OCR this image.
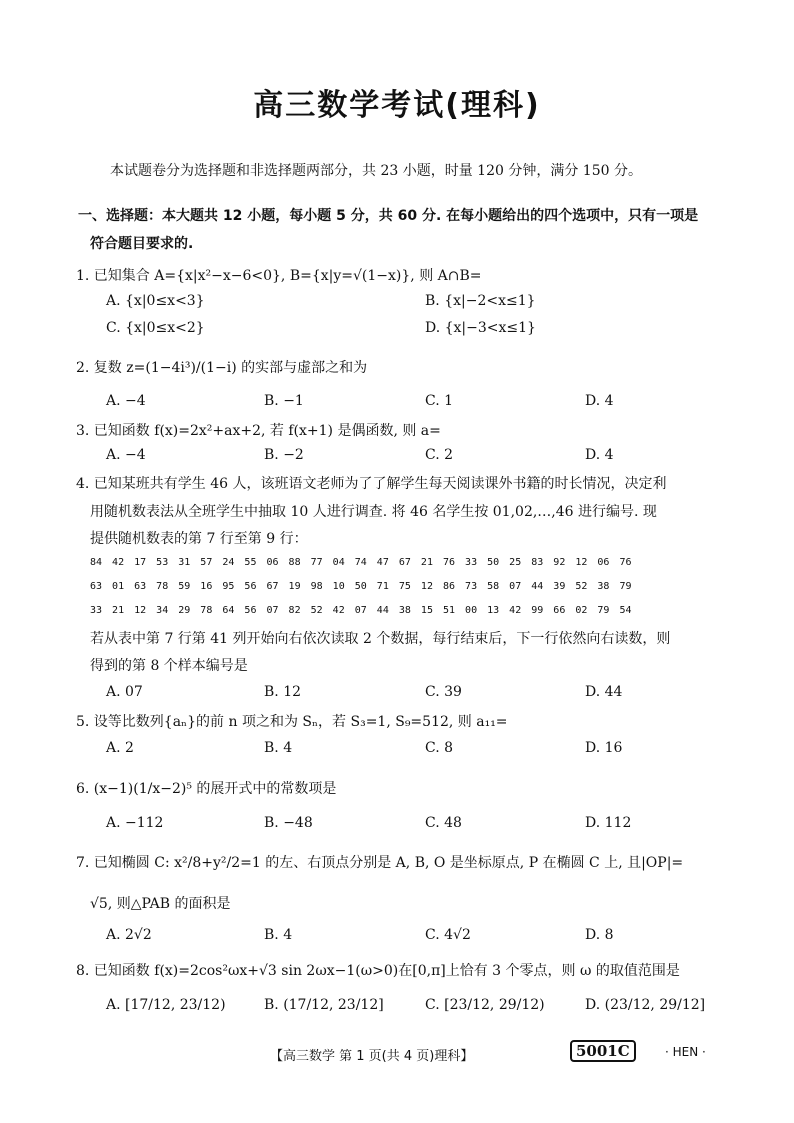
高三数学考试(理科)
本试题卷分为选择题和非选择题两部分，共 23 小题，时量 120 分钟，满分 150 分。
一、选择题：本大题共 12 小题，每小题 5 分，共 60 分. 在每小题给出的四个选项中，只有一项是
符合题目要求的.
1. 已知集合 A={x|x²−x−6<0}, B={x|y=√(1−x)}, 则 A∩B=
A. {x|0≤x<3}	B. {x|−2<x≤1}
C. {x|0≤x<2}	D. {x|−3<x≤1}
2. 复数 z=(1−4i³)/(1−i) 的实部与虚部之和为
A. −4	B. −1	C. 1	D. 4
3. 已知函数 f(x)=2x²+ax+2, 若 f(x+1) 是偶函数, 则 a=
A. −4	B. −2	C. 2	D. 4
4. 已知某班共有学生 46 人，该班语文老师为了了解学生每天阅读课外书籍的时长情况，决定利
用随机数表法从全班学生中抽取 10 人进行调查. 将 46 名学生按 01,02,…,46 进行编号. 现
提供随机数表的第 7 行至第 9 行：
84 42 17 53 31 57 24 55 06 88 77 04 74 47 67 21 76 33 50 25 83 92 12 06 76
63 01 63 78 59 16 95 56 67 19 98 10 50 71 75 12 86 73 58 07 44 39 52 38 79
33 21 12 34 29 78 64 56 07 82 52 42 07 44 38 15 51 00 13 42 99 66 02 79 54
若从表中第 7 行第 41 列开始向右依次读取 2 个数据，每行结束后，下一行依然向右读数，则
得到的第 8 个样本编号是
A. 07	B. 12	C. 39	D. 44
5. 设等比数列{aₙ}的前 n 项之和为 Sₙ，若 S₃=1, S₉=512, 则 a₁₁=
A. 2	B. 4	C. 8	D. 16
6. (x−1)(1/x−2)⁵ 的展开式中的常数项是
A. −112	B. −48	C. 48	D. 112
7. 已知椭圆 C: x²/8+y²/2=1 的左、右顶点分别是 A, B, O 是坐标原点, P 在椭圆 C 上, 且|OP|=
√5, 则△PAB 的面积是
A. 2√2	B. 4	C. 4√2	D. 8
8. 已知函数 f(x)=2cos²ωx+√3 sin 2ωx−1(ω>0)在[0,π]上恰有 3 个零点，则 ω 的取值范围是
A. [17/12, 23/12)	B. (17/12, 23/12]	C. [23/12, 29/12)	D. (23/12, 29/12]
【高三数学 第 1 页(共 4 页)理科】	5001C	· HEN ·
